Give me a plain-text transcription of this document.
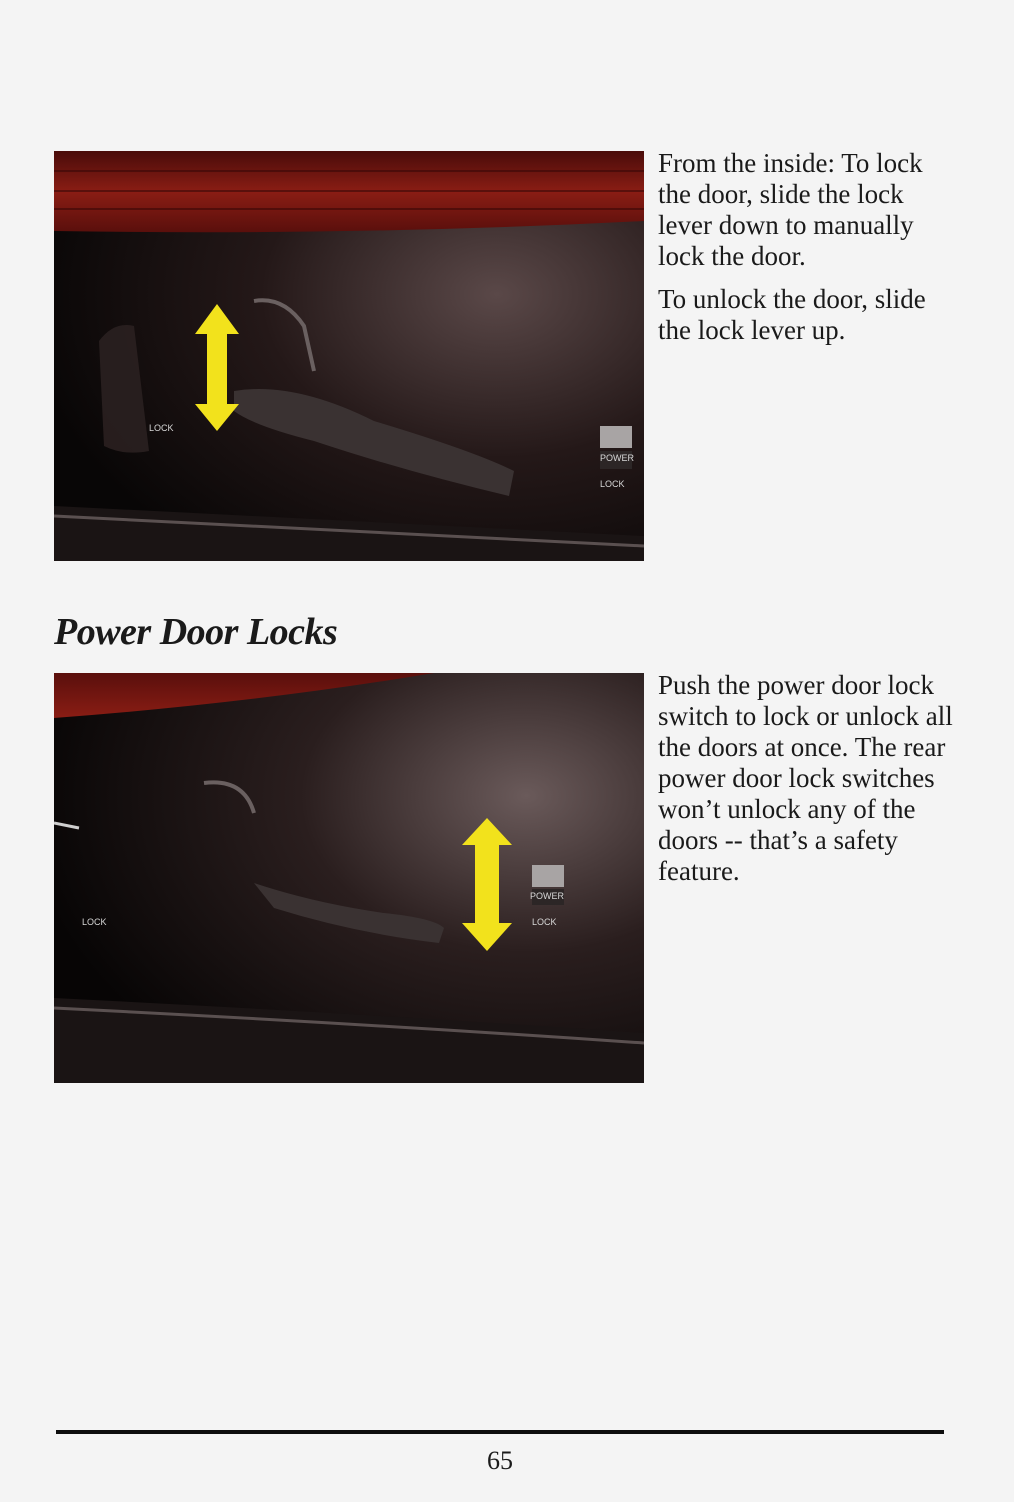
LOCK
POWER
LOCK

From the inside: To lock the door, slide the lock lever down to manually lock the door.

To unlock the door, slide the lock lever up.

Power Door Locks
LOCK
POWER
LOCK

Push the power door lock switch to lock or unlock all the doors at once. The rear power door lock switches won’t unlock any of the doors -- that’s a safety feature.

65
